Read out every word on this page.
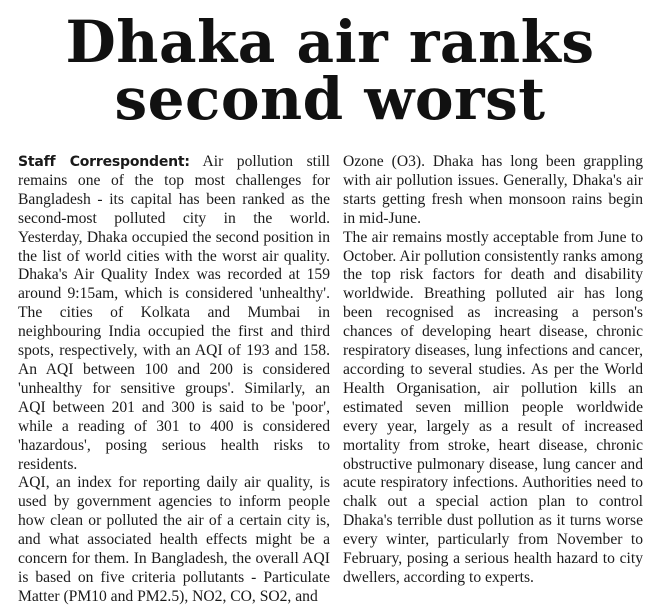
Dhaka air ranks
second worst

Staff Correspondent: Air pollution still remains one of the top most challenges for Bangladesh - its capital has been ranked as the second-most polluted city in the world. Yesterday, Dhaka occupied the second position in the list of world cities with the worst air quality. Dhaka's Air Quality Index was recorded at 159 around 9:15am, which is considered 'unhealthy'. The cities of Kolkata and Mumbai in neighbouring India occupied the first and third spots, respectively, with an AQI of 193 and 158. An AQI between 100 and 200 is considered 'unhealthy for sensitive groups'. Similarly, an AQI between 201 and 300 is said to be 'poor', while a reading of 301 to 400 is considered 'hazardous', posing serious health risks to residents.

AQI, an index for reporting daily air quality, is used by government agencies to inform people how clean or polluted the air of a certain city is, and what associated health effects might be a concern for them. In Bangladesh, the overall AQI is based on five criteria pollutants - Particulate Matter (PM10 and PM2.5), NO2, CO, SO2, and

Ozone (O3). Dhaka has long been grappling with air pollution issues. Generally, Dhaka's air starts getting fresh when monsoon rains begin in mid-June.

The air remains mostly acceptable from June to October. Air pollution consistently ranks among the top risk factors for death and disability worldwide. Breathing polluted air has long been recognised as increasing a person's chances of developing heart disease, chronic respiratory diseases, lung infections and cancer, according to several studies. As per the World Health Organisation, air pollution kills an estimated seven million people worldwide every year, largely as a result of increased mortality from stroke, heart disease, chronic obstructive pulmonary disease, lung cancer and acute respiratory infections. Authorities need to chalk out a special action plan to control Dhaka's terrible dust pollution as it turns worse every winter, particularly from November to February, posing a serious health hazard to city dwellers, according to experts.
